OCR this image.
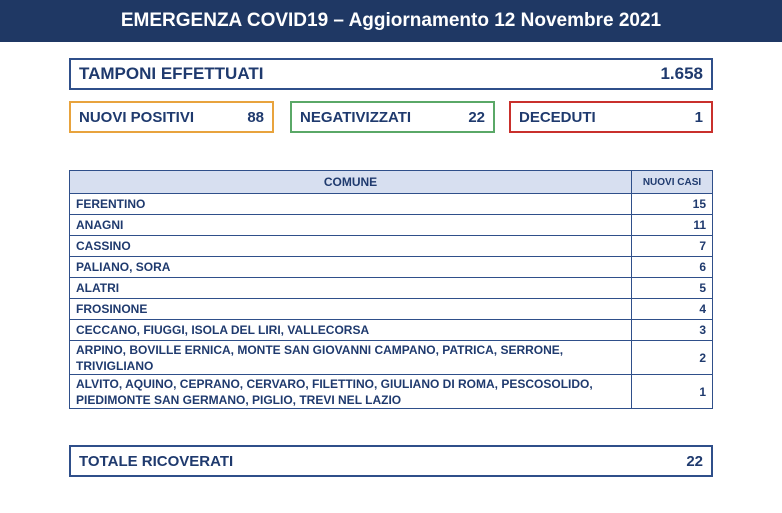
EMERGENZA COVID19 – Aggiornamento 12 Novembre 2021
TAMPONI EFFETTUATI	1.658
NUOVI POSITIVI	88 NEGATIVIZZATI	22 DECEDUTI	1
COMUNE	NUOVI CASI
FERENTINO	15
ANAGNI	11
CASSINO	7
PALIANO, SORA	6
ALATRI	5
FROSINONE	4
CECCANO, FIUGGI, ISOLA DEL LIRI, VALLECORSA	3
ARPINO, BOVILLE ERNICA, MONTE SAN GIOVANNI CAMPANO, PATRICA, SERRONE, TRIVIGLIANO	2
ALVITO, AQUINO, CEPRANO, CERVARO, FILETTINO, GIULIANO DI ROMA, PESCOSOLIDO, PIEDIMONTE SAN GERMANO, PIGLIO, TREVI NEL LAZIO	1
TOTALE RICOVERATI	22
